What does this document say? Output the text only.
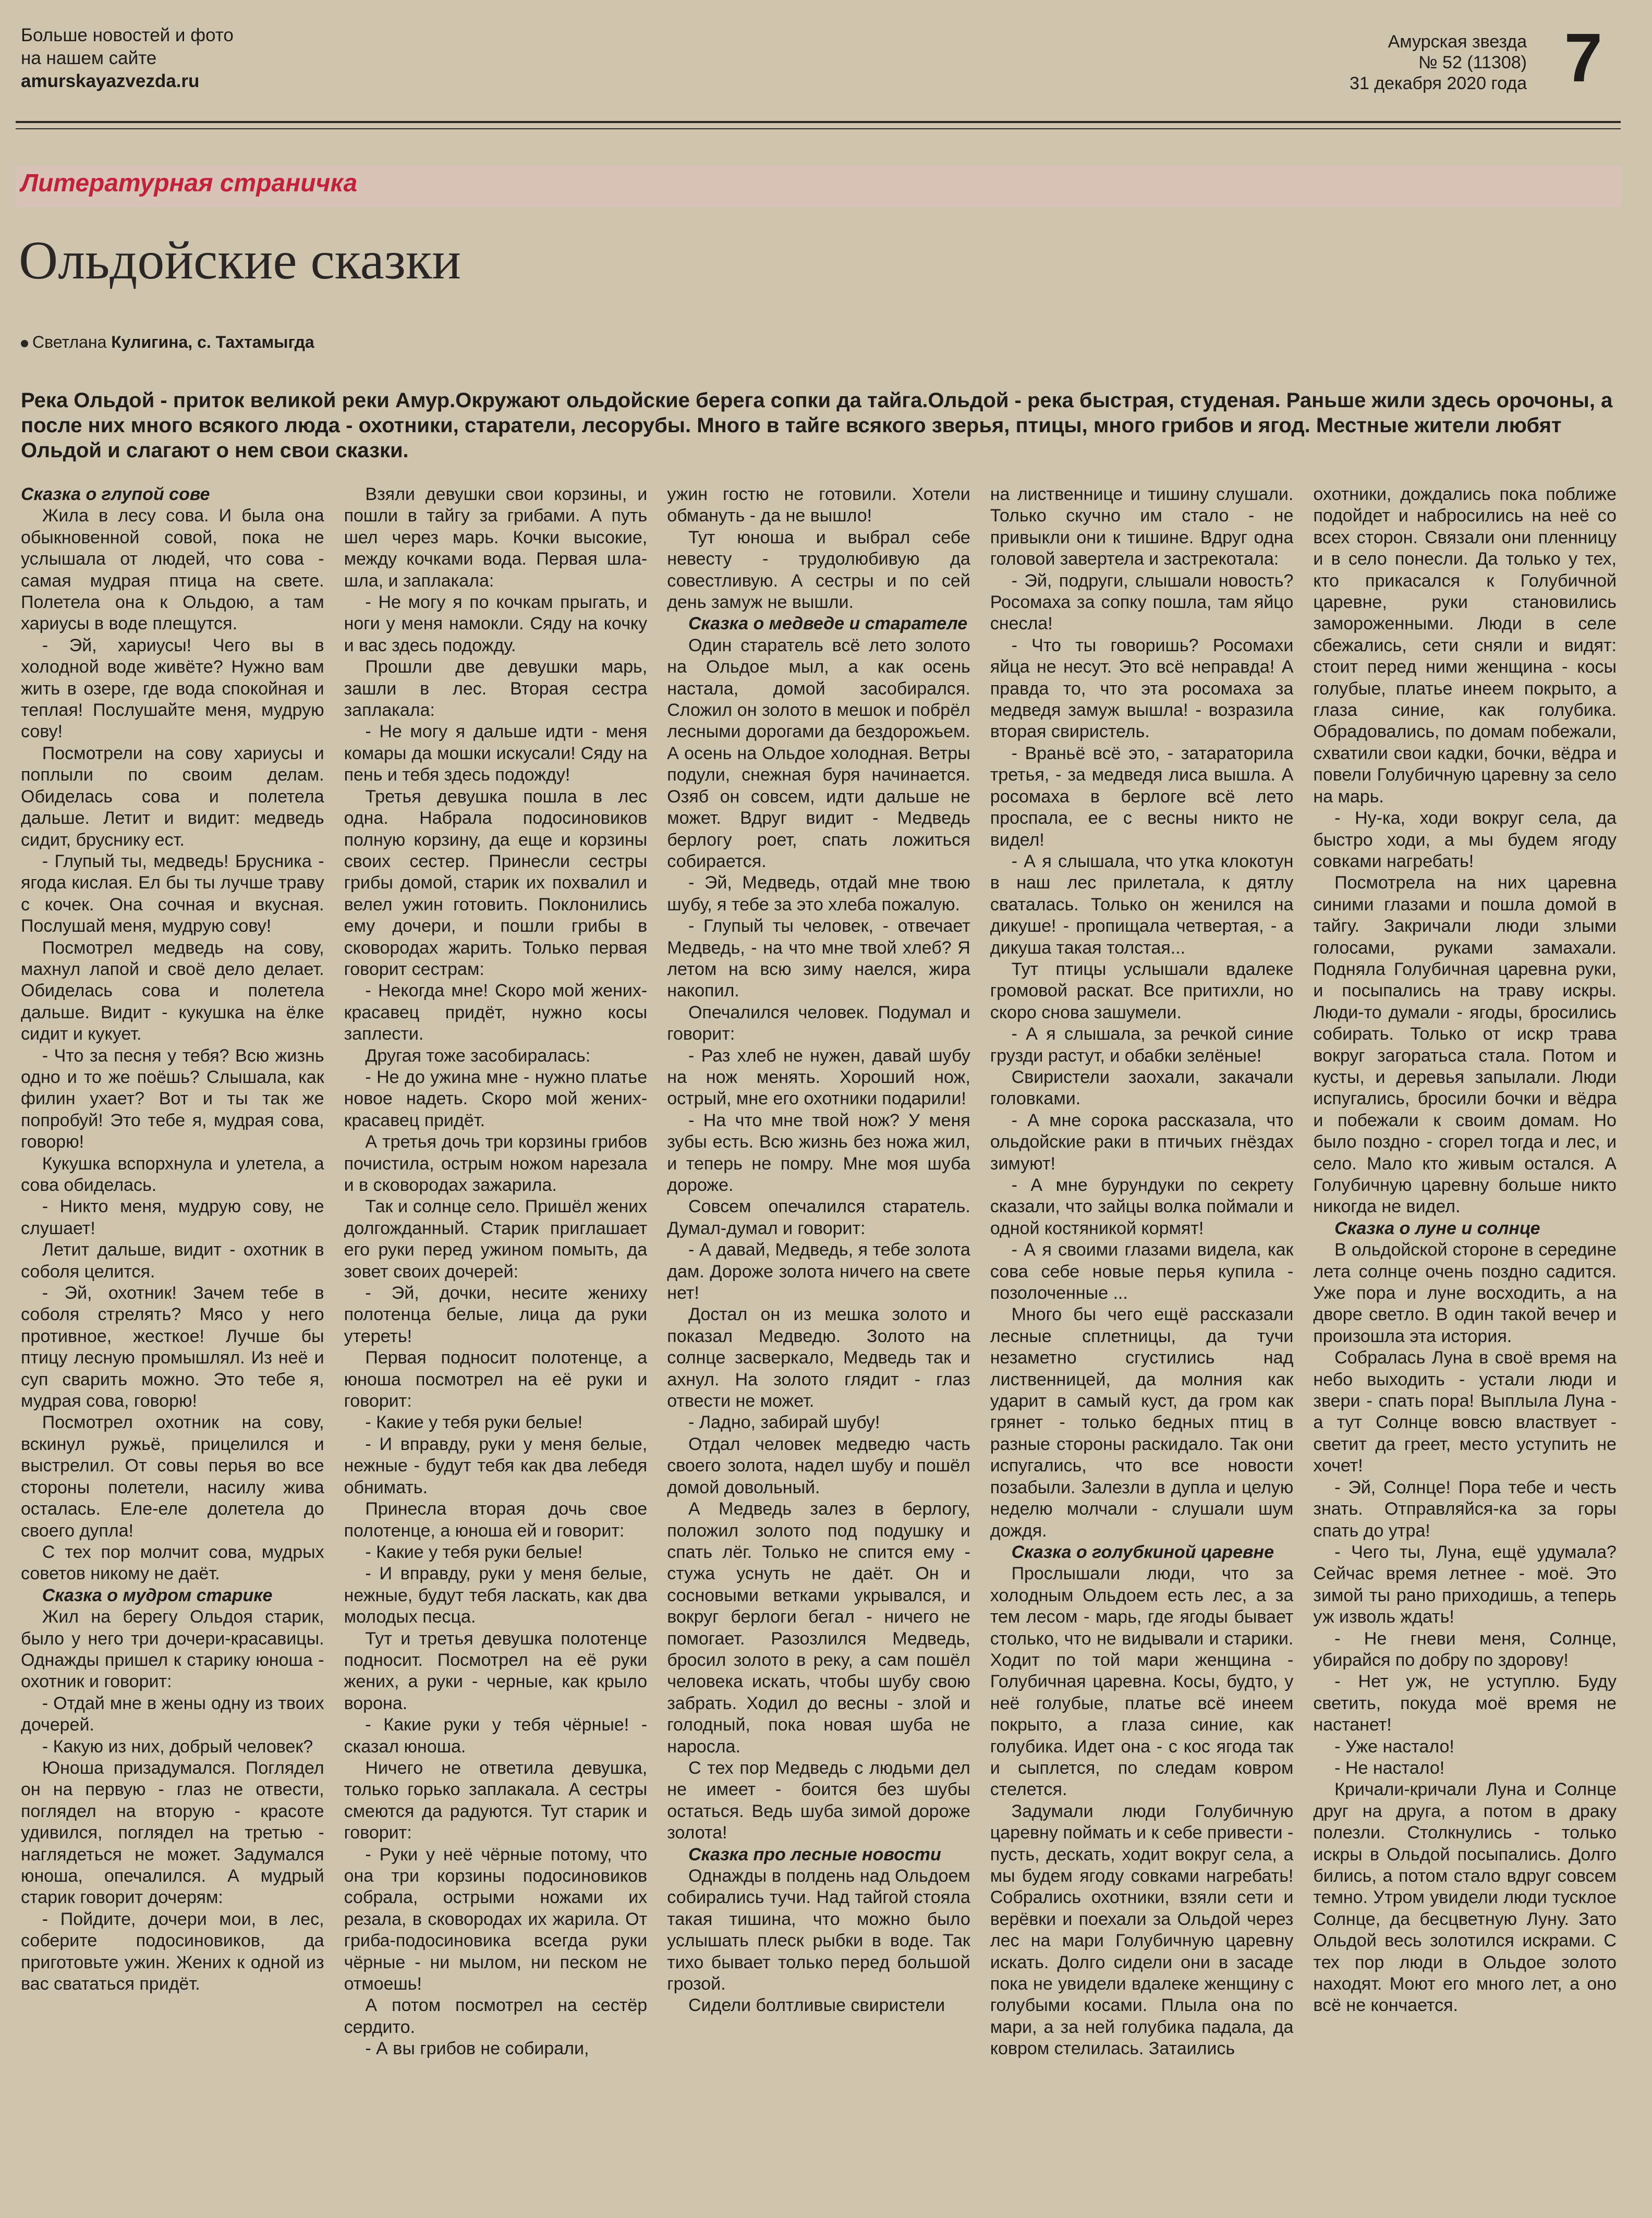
Больше новостей и фото
на нашем сайте
amurskayazvezda.ru
Амурская звезда
№ 52 (11308)
31 декабря 2020 года 7
Литературная страничка
Ольдойские сказки
Светлана Кулигина, с. Тахтамыгда
Река Ольдой - приток великой реки Амур.Окружают ольдойские берега сопки да тайга.Ольдой - река быстрая, студеная. Раньше жили здесь орочоны, а после них много всякого люда - охотники, старатели, лесорубы. Много в тайге всякого зверья, птицы, много грибов и ягод. Местные жители любят Ольдой и слагают о нем свои сказки.
Сказка о глупой сове

Жила в лесу сова. И была она обыкновенной совой, пока не услышала от людей, что сова - самая мудрая птица на свете. Полетела она к Ольдою, а там хариусы в воде плещутся.

- Эй, хариусы! Чего вы в холодной воде живёте? Нужно вам жить в озере, где вода спокойная и теплая! Послушайте меня, мудрую сову!

Посмотрели на сову хариусы и поплыли по своим делам. Обиделась сова и полетела дальше. Летит и видит: медведь сидит, бруснику ест.

- Глупый ты, медведь! Брусника - ягода кислая. Ел бы ты лучше траву с кочек. Она сочная и вкусная. Послушай меня, мудрую сову!

Посмотрел медведь на сову, махнул лапой и своё дело делает. Обиделась сова и полетела дальше. Видит - кукушка на ёлке сидит и кукует.

- Что за песня у тебя? Всю жизнь одно и то же поёшь? Слышала, как филин ухает? Вот и ты так же попробуй! Это тебе я, мудрая сова, говорю!

Кукушка вспорхнула и улетела, а сова обиделась.

- Никто меня, мудрую сову, не слушает!

Летит дальше, видит - охотник в соболя целится.

- Эй, охотник! Зачем тебе в соболя стрелять? Мясо у него противное, жесткое! Лучше бы птицу лесную промышлял. Из неё и суп сварить можно. Это тебе я, мудрая сова, говорю!

Посмотрел охотник на сову, вскинул ружьё, прицелился и выстрелил. От совы перья во все стороны полетели, насилу жива осталась. Еле-еле долетела до своего дупла!

С тех пор молчит сова, мудрых советов никому не даёт.

Сказка о мудром старике

Жил на берегу Ольдоя старик, было у него три дочери-красавицы. Однажды пришел к старику юноша - охотник и говорит:

- Отдай мне в жены одну из твоих дочерей.

- Какую из них, добрый человек?

Юноша призадумался. Поглядел он на первую - глаз не отвести, поглядел на вторую - красоте удивился, поглядел на третью - наглядеться не может. Задумался юноша, опечалился. А мудрый старик говорит дочерям:

- Пойдите, дочери мои, в лес, соберите подосиновиков, да приготовьте ужин. Жених к одной из вас свататься придёт.

Взяли девушки свои корзины, и пошли в тайгу за грибами. А путь шел через марь. Кочки высокие, между кочками вода. Первая шла-шла, и заплакала:

- Не могу я по кочкам прыгать, и ноги у меня намокли. Сяду на кочку и вас здесь подожду.

Прошли две девушки марь, зашли в лес. Вторая сестра заплакала:

- Не могу я дальше идти - меня комары да мошки искусали! Сяду на пень и тебя здесь подожду!

Третья девушка пошла в лес одна. Набрала подосиновиков полную корзину, да еще и корзины своих сестер. Принесли сестры грибы домой, старик их похвалил и велел ужин готовить. Поклонились ему дочери, и пошли грибы в сковородах жарить. Только первая говорит сестрам:

- Некогда мне! Скоро мой жених-красавец придёт, нужно косы заплести.

Другая тоже засобиралась:

- Не до ужина мне - нужно платье новое надеть. Скоро мой жених-красавец придёт.

А третья дочь три корзины грибов почистила, острым ножом нарезала и в сковородах зажарила.

Так и солнце село. Пришёл жених долгожданный. Старик приглашает его руки перед ужином помыть, да зовет своих дочерей:

- Эй, дочки, несите жениху полотенца белые, лица да руки утереть!

Первая подносит полотенце, а юноша посмотрел на её руки и говорит:

- Какие у тебя руки белые!

- И вправду, руки у меня белые, нежные - будут тебя как два лебедя обнимать.

Принесла вторая дочь свое полотенце, а юноша ей и говорит:

- Какие у тебя руки белые!

- И вправду, руки у меня белые, нежные, будут тебя ласкать, как два молодых песца.

Тут и третья девушка полотенце подносит. Посмотрел на её руки жених, а руки - черные, как крыло ворона.

- Какие руки у тебя чёрные! - сказал юноша.

Ничего не ответила девушка, только горько заплакала. А сестры смеются да радуются. Тут старик и говорит:

- Руки у неё чёрные потому, что она три корзины подосиновиков собрала, острыми ножами их резала, в сковородах их жарила. От гриба-подосиновика всегда руки чёрные - ни мылом, ни песком не отмоешь!

А потом посмотрел на сестёр сердито.

- А вы грибов не собирали,

ужин гостю не готовили. Хотели обмануть - да не вышло!

Тут юноша и выбрал себе невесту - трудолюбивую да совестливую. А сестры и по сей день замуж не вышли.

Сказка о медведе и старателе

Один старатель всё лето золото на Ольдое мыл, а как осень настала, домой засобирался. Сложил он золото в мешок и побрёл лесными дорогами да бездорожьем. А осень на Ольдое холодная. Ветры подули, снежная буря начинается. Озяб он совсем, идти дальше не может. Вдруг видит - Медведь берлогу роет, спать ложиться собирается.

- Эй, Медведь, отдай мне твою шубу, я тебе за это хлеба пожалую.

- Глупый ты человек, - отвечает Медведь, - на что мне твой хлеб? Я летом на всю зиму наелся, жира накопил.

Опечалился человек. Подумал и говорит:

- Раз хлеб не нужен, давай шубу на нож менять. Хороший нож, острый, мне его охотники подарили!

- На что мне твой нож? У меня зубы есть. Всю жизнь без ножа жил, и теперь не помру. Мне моя шуба дороже.

Совсем опечалился старатель. Думал-думал и говорит:

- А давай, Медведь, я тебе золота дам. Дороже золота ничего на свете нет!

Достал он из мешка золото и показал Медведю. Золото на солнце засверкало, Медведь так и ахнул. На золото глядит - глаз отвести не может.

- Ладно, забирай шубу!

Отдал человек медведю часть своего золота, надел шубу и пошёл домой довольный.

А Медведь залез в берлогу, положил золото под подушку и спать лёг. Только не спится ему - стужа уснуть не даёт. Он и сосновыми ветками укрывался, и вокруг берлоги бегал - ничего не помогает. Разозлился Медведь, бросил золото в реку, а сам пошёл человека искать, чтобы шубу свою забрать. Ходил до весны - злой и голодный, пока новая шуба не наросла.

С тех пор Медведь с людьми дел не имеет - боится без шубы остаться. Ведь шуба зимой дороже золота!

Сказка про лесные новости

Однажды в полдень над Ольдоем собирались тучи. Над тайгой стояла такая тишина, что можно было услышать плеск рыбки в воде. Так тихо бывает только перед большой грозой.

Сидели болтливые свиристели

на лиственнице и тишину слушали. Только скучно им стало - не привыкли они к тишине. Вдруг одна головой завертела и застрекотала:

- Эй, подруги, слышали новость? Росомаха за сопку пошла, там яйцо снесла!

- Что ты говоришь? Росомахи яйца не несут. Это всё неправда! А правда то, что эта росомаха за медведя замуж вышла! - возразила вторая свиристель.

- Враньё всё это, - затараторила третья, - за медведя лиса вышла. А росомаха в берлоге всё лето проспала, ее с весны никто не видел!

- А я слышала, что утка клокотун в наш лес прилетала, к дятлу сваталась. Только он женился на дикуше! - пропищала четвертая, - а дикуша такая толстая...

Тут птицы услышали вдалеке громовой раскат. Все притихли, но скоро снова зашумели.

- А я слышала, за речкой синие грузди растут, и обабки зелёные!

Свиристели заохали, закачали головками.

- А мне сорока рассказала, что ольдойские раки в птичьих гнёздах зимуют!

- А мне бурундуки по секрету сказали, что зайцы волка поймали и одной костяникой кормят!

- А я своими глазами видела, как сова себе новые перья купила - позолоченные ...

Много бы чего ещё рассказали лесные сплетницы, да тучи незаметно сгустились над лиственницей, да молния как ударит в самый куст, да гром как грянет - только бедных птиц в разные стороны раскидало. Так они испугались, что все новости позабыли. Залезли в дупла и целую неделю молчали - слушали шум дождя.

Сказка о голубкиной царевне

Прослышали люди, что за холодным Ольдоем есть лес, а за тем лесом - марь, где ягоды бывает столько, что не видывали и старики. Ходит по той мари женщина - Голубичная царевна. Косы, будто, у неё голубые, платье всё инеем покрыто, а глаза синие, как голубика. Идет она - с кос ягода так и сыплется, по следам ковром стелется.

Задумали люди Голубичную царевну поймать и к себе привести - пусть, дескать, ходит вокруг села, а мы будем ягоду совками нагребать! Собрались охотники, взяли сети и верёвки и поехали за Ольдой через лес на мари Голубичную царевну искать. Долго сидели они в засаде пока не увидели вдалеке женщину с голубыми косами. Плыла она по мари, а за ней голубика падала, да ковром стелилась. Затаились

охотники, дождались пока поближе подойдет и набросились на неё со всех сторон. Связали они пленницу и в село понесли. Да только у тех, кто прикасался к Голубичной царевне, руки становились замороженными. Люди в селе сбежались, сети сняли и видят: стоит перед ними женщина - косы голубые, платье инеем покрыто, а глаза синие, как голубика. Обрадовались, по домам побежали, схватили свои кадки, бочки, вёдра и повели Голубичную царевну за село на марь.

- Ну-ка, ходи вокруг села, да быстро ходи, а мы будем ягоду совками нагребать!

Посмотрела на них царевна синими глазами и пошла домой в тайгу. Закричали люди злыми голосами, руками замахали. Подняла Голубичная царевна руки, и посыпались на траву искры. Люди-то думали - ягоды, бросились собирать. Только от искр трава вокруг загоратьса стала. Потом и кусты, и деревья запылали. Люди испугались, бросили бочки и вёдра и побежали к своим домам. Но было поздно - сгорел тогда и лес, и село. Мало кто живым остался. А Голубичную царевну больше никто никогда не видел.

Сказка о луне и солнце

В ольдойской стороне в середине лета солнце очень поздно садится. Уже пора и луне восходить, а на дворе светло. В один такой вечер и произошла эта история.

Собралась Луна в своё время на небо выходить - устали люди и звери - спать пора! Выплыла Луна - а тут Солнце вовсю властвует - светит да греет, место уступить не хочет!

- Эй, Солнце! Пора тебе и честь знать. Отправляйся-ка за горы спать до утра!

- Чего ты, Луна, ещё удумала? Сейчас время летнее - моё. Это зимой ты рано приходишь, а теперь уж изволь ждать!

- Не гневи меня, Солнце, убирайся по добру по здорову!

- Нет уж, не уступлю. Буду светить, покуда моё время не настанет!

- Уже настало!

- Не настало!

Кричали-кричали Луна и Солнце друг на друга, а потом в драку полезли. Столкнулись - только искры в Ольдой посыпались. Долго бились, а потом стало вдруг совсем темно. Утром увидели люди тусклое Солнце, да бесцветную Луну. Зато Ольдой весь золотился искрами. С тех пор люди в Ольдое золото находят. Моют его много лет, а оно всё не кончается.
